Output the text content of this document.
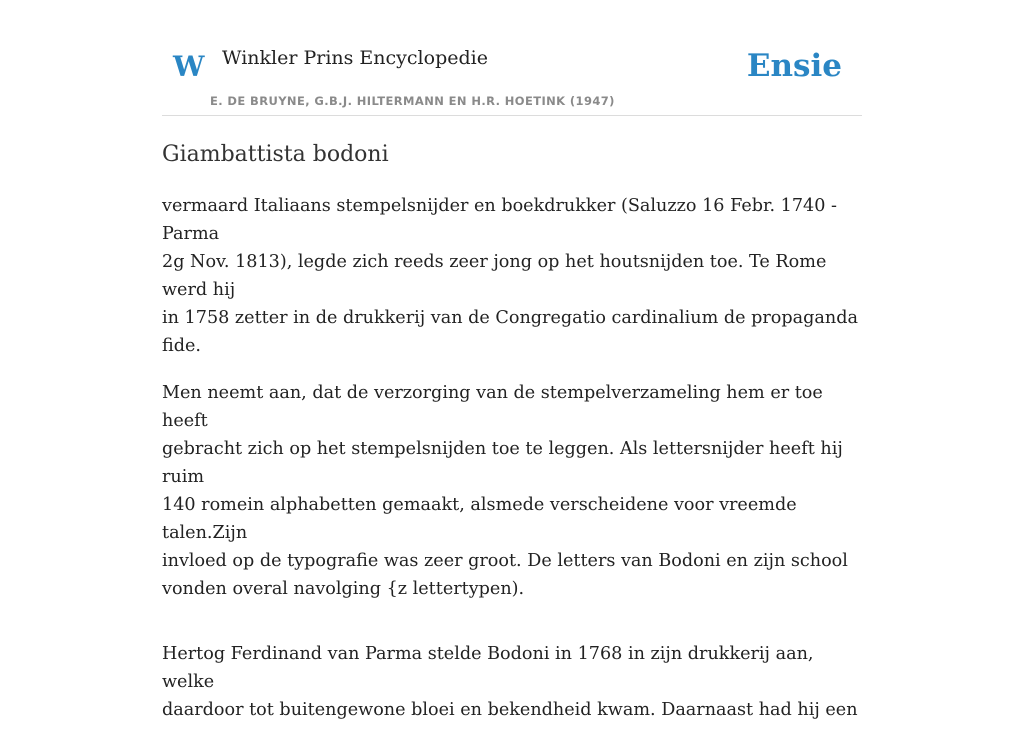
W Winkler Prins Encyclopedie
E. DE BRUYNE, G.B.J. HILTERMANN EN H.R. HOETINK (1947)
Ensie
Giambattista bodoni

vermaard Italiaans stempelsnijder en boekdrukker (Saluzzo 16 Febr. 1740 - Parma
2g Nov. 1813), legde zich reeds zeer jong op het houtsnijden toe. Te Rome werd hij
in 1758 zetter in de drukkerij van de Congregatio cardinalium de propaganda fide.

Men neemt aan, dat de verzorging van de stempelverzameling hem er toe heeft
gebracht zich op het stempelsnijden toe te leggen. Als lettersnijder heeft hij ruim
140 romein alphabetten gemaakt, alsmede verscheidene voor vreemde talen.Zijn
invloed op de typografie was zeer groot. De letters van Bodoni en zijn school
vonden overal navolging {z lettertypen).

Hertog Ferdinand van Parma stelde Bodoni in 1768 in zijn drukkerij aan, welke
daardoor tot buitengewone bloei en bekendheid kwam. Daarnaast had hij een
